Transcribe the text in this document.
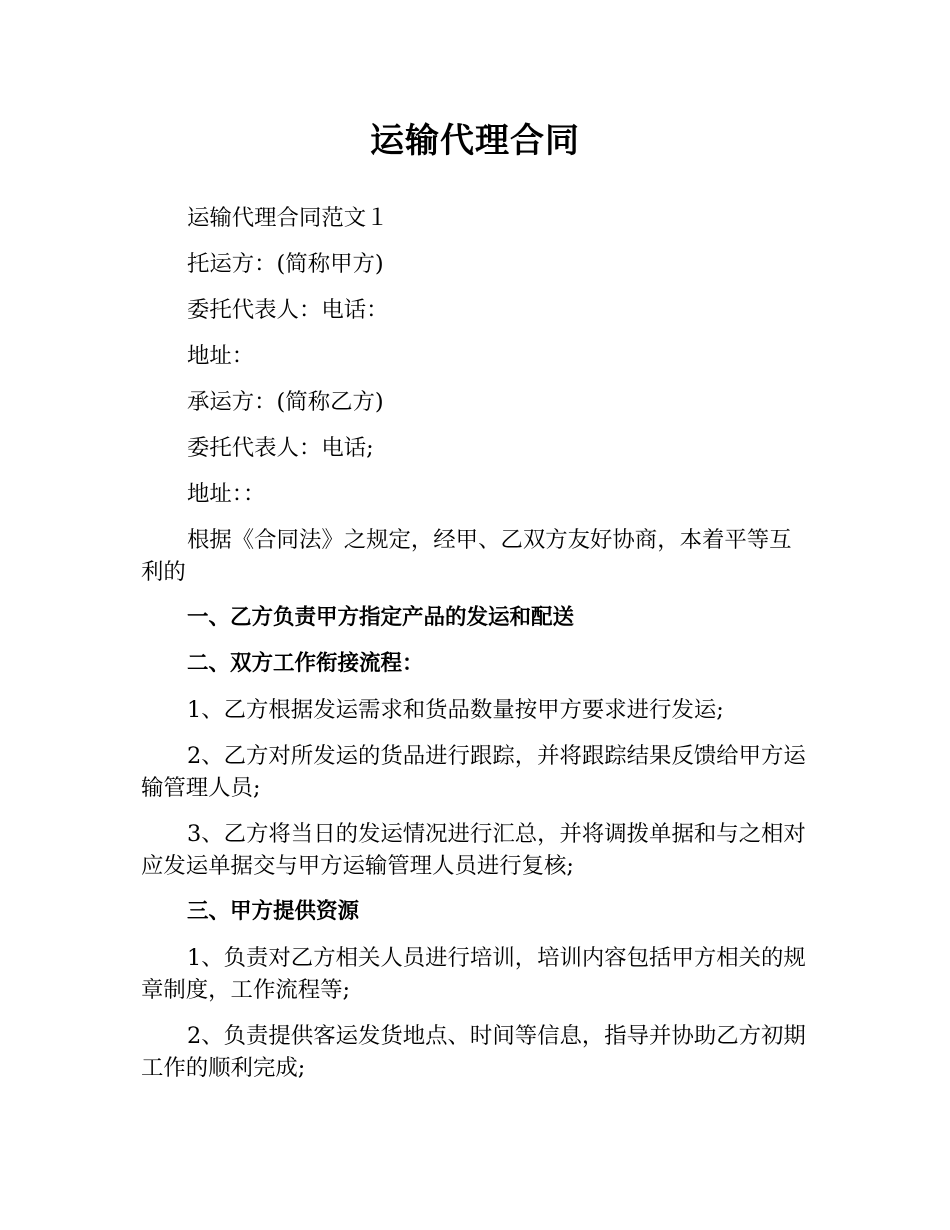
运输代理合同

运输代理合同范文１

托运方：(简称甲方)

委托代表人：电话：

地址：

承运方：(简称乙方)

委托代表人：电话;

地址：：

根据《合同法》之规定，经甲、乙双方友好协商，本着平等互利的

一、乙方负责甲方指定产品的发运和配送

二、双方工作衔接流程：

1、乙方根据发运需求和货品数量按甲方要求进行发运;

2、乙方对所发运的货品进行跟踪，并将跟踪结果反馈给甲方运输管理人员;

3、乙方将当日的发运情况进行汇总，并将调拨单据和与之相对应发运单据交与甲方运输管理人员进行复核;

三、甲方提供资源

1、负责对乙方相关人员进行培训，培训内容包括甲方相关的规章制度，工作流程等;

2、负责提供客运发货地点、时间等信息，指导并协助乙方初期工作的顺利完成;
